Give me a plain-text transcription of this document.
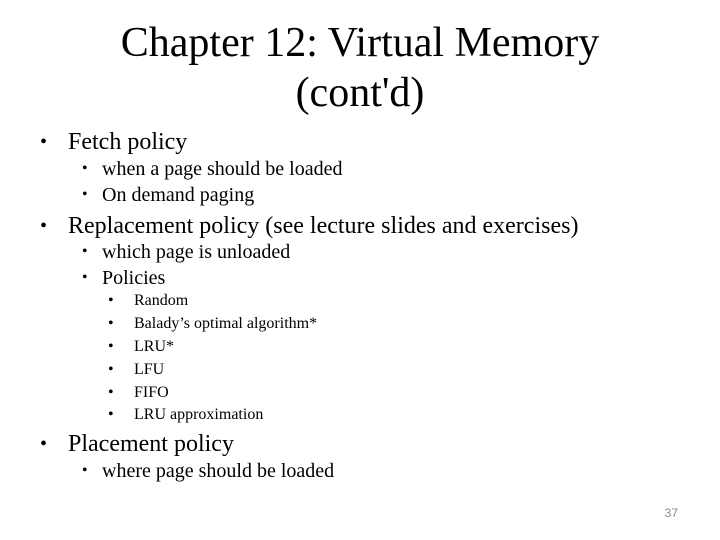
Chapter 12: Virtual Memory
(cont'd)
• Fetch policy
• when a page should be loaded
• On demand paging
• Replacement policy (see lecture slides and exercises)
• which page is unloaded
• Policies
• Random
• Balady’s optimal algorithm*
• LRU*
• LFU
• FIFO
• LRU approximation
• Placement policy
• where page should be loaded
37
